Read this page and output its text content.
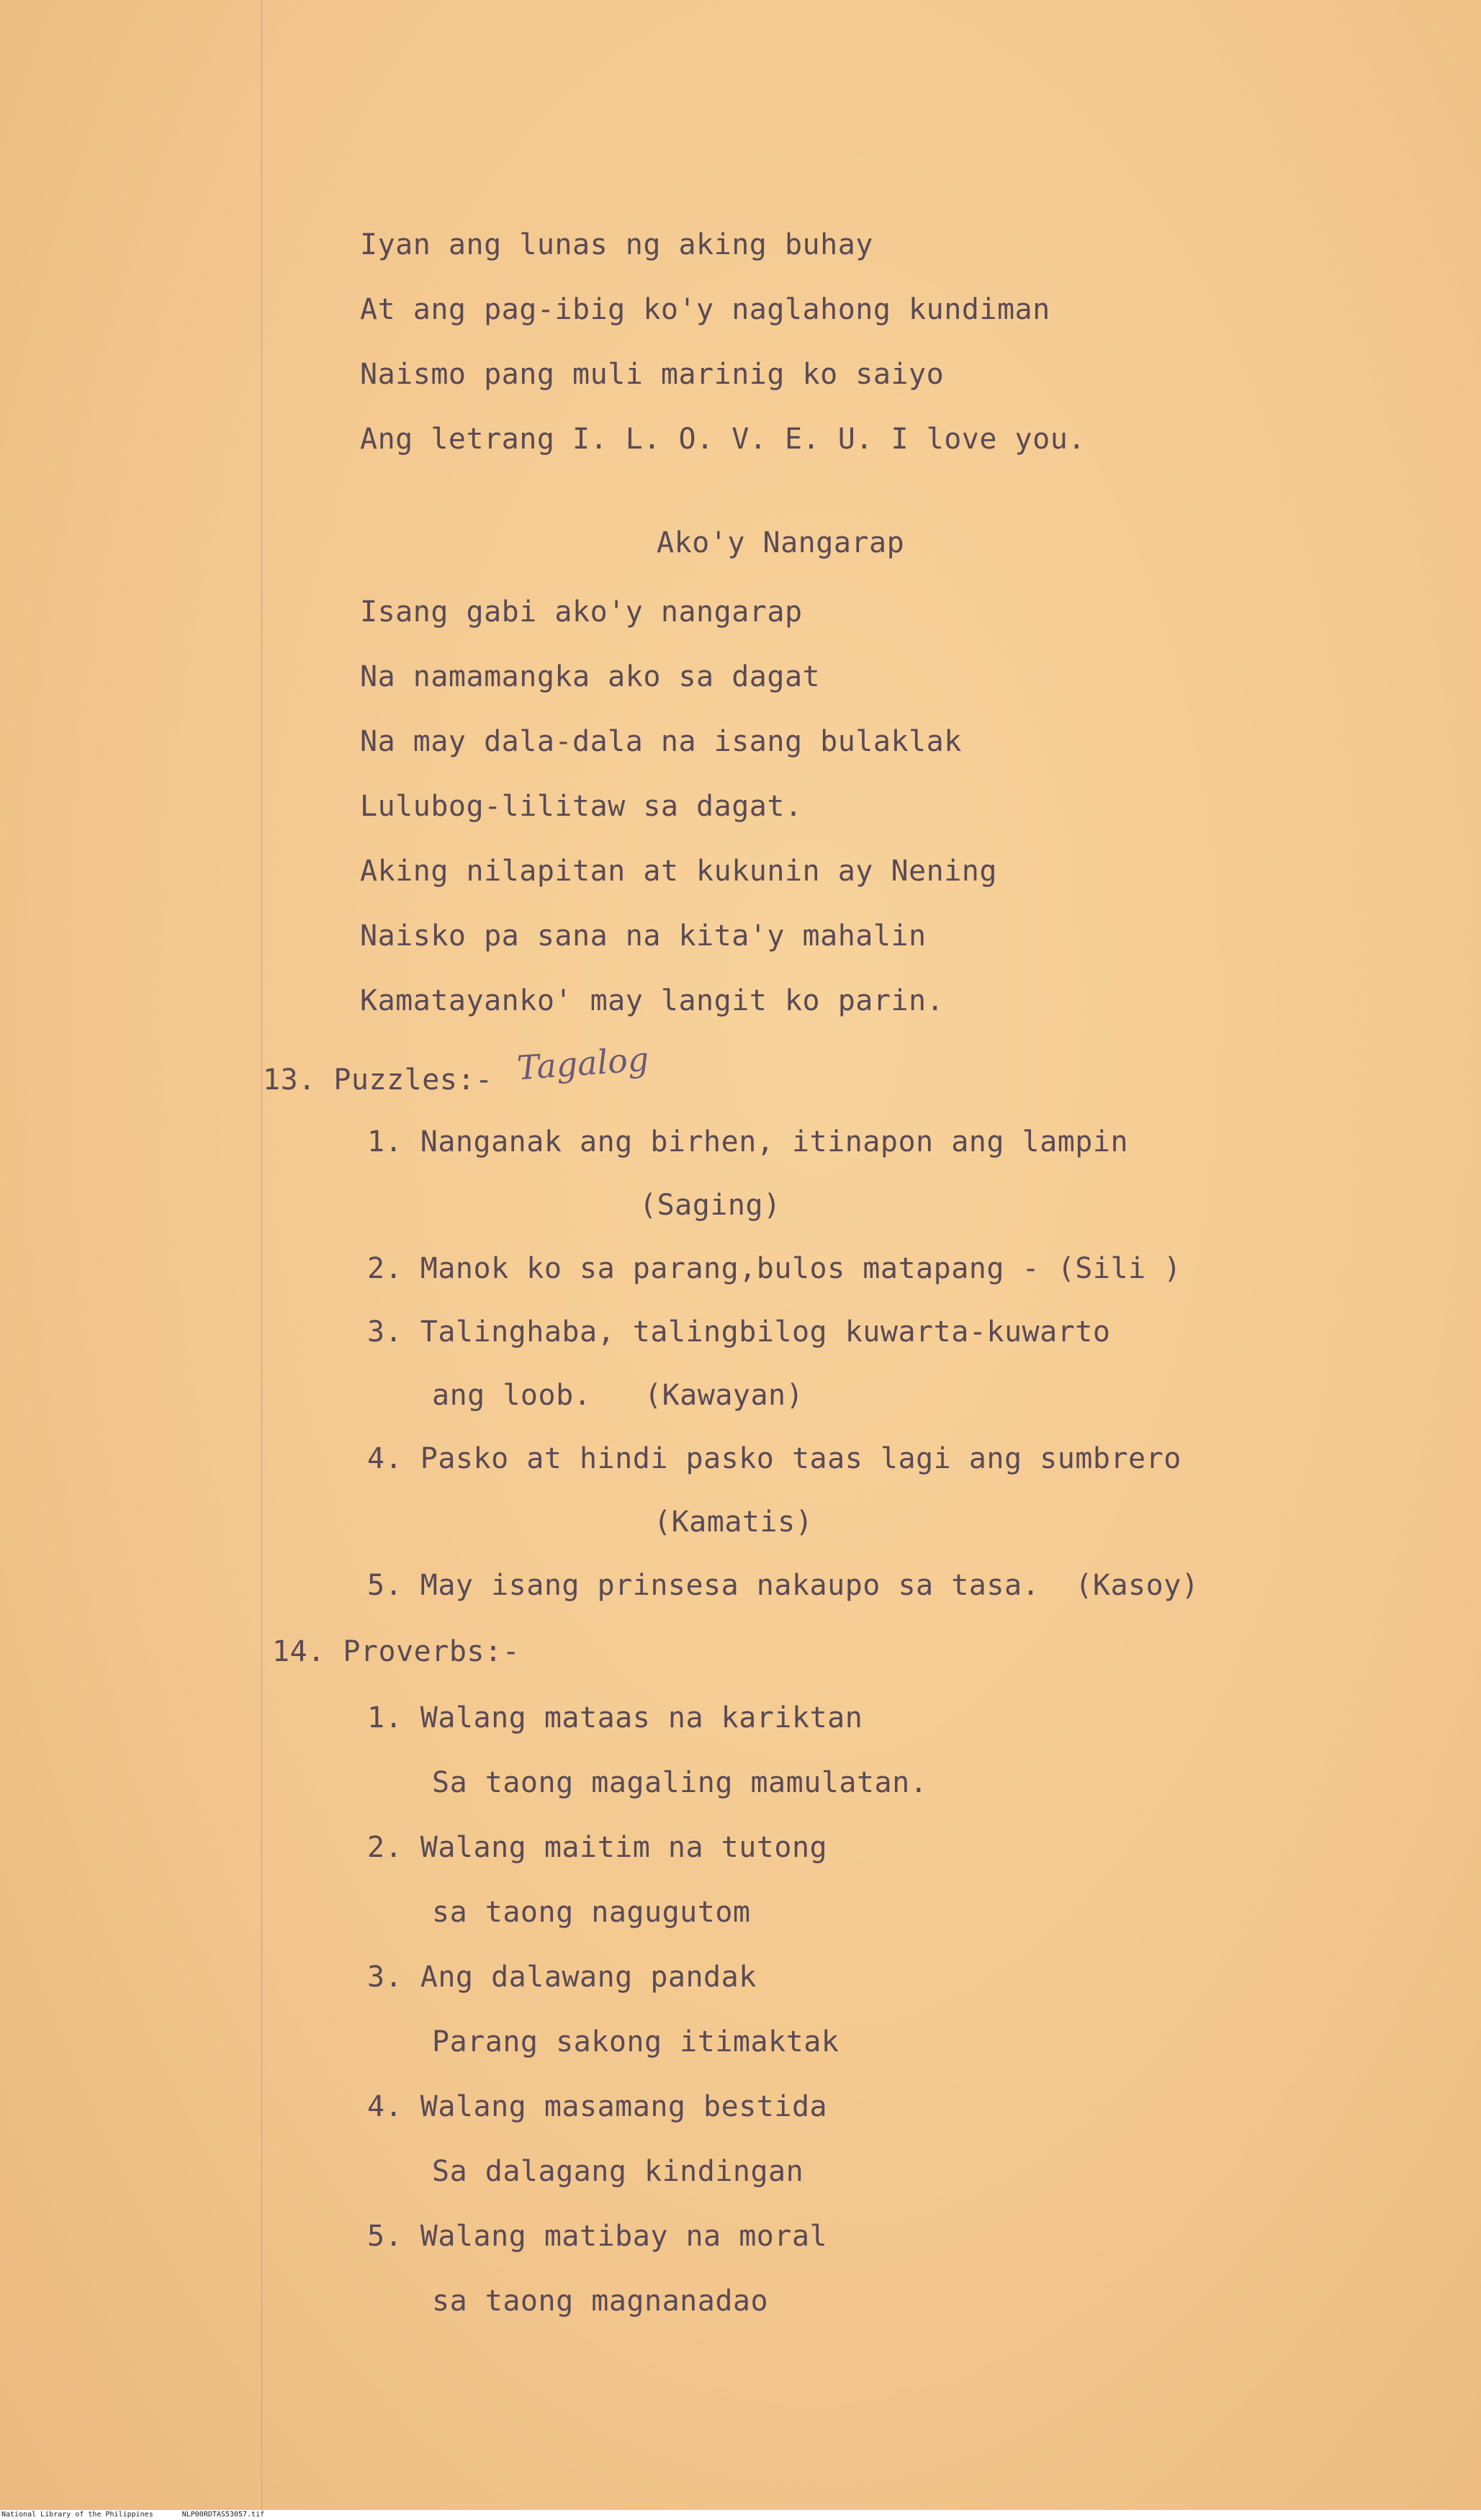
Iyan ang lunas ng aking buhay
At ang pag-ibig ko'y naglahong kundiman
Naismo pang muli marinig ko saiyo
Ang letrang I. L. O. V. E. U. I love you.
Ako'y Nangarap
Isang gabi ako'y nangarap
Na namamangka ako sa dagat
Na may dala-dala na isang bulaklak
Lulubog-lilitaw sa dagat.
Aking nilapitan at kukunin ay Nening
Naisko pa sana na kita'y mahalin
Kamatayanko' may langit ko parin.
13. Puzzles:- Tagalog
1. Nanganak ang birhen, itinapon ang lampin
(Saging)
2. Manok ko sa parang,bulos matapang - (Sili )
3. Talinghaba, talingbilog kuwarta-kuwarto
ang loob.   (Kawayan)
4. Pasko at hindi pasko taas lagi ang sumbrero
(Kamatis)
5. May isang prinsesa nakaupo sa tasa.  (Kasoy)
14. Proverbs:-
1. Walang mataas na kariktan
Sa taong magaling mamulatan.
2. Walang maitim na tutong
sa taong nagugutom
3. Ang dalawang pandak
Parang sakong itimaktak
4. Walang masamang bestida
Sa dalagang kindingan
5. Walang matibay na moral
sa taong magnanadao
National Library of the Philippines	NLP00RDTAS53057.tif
